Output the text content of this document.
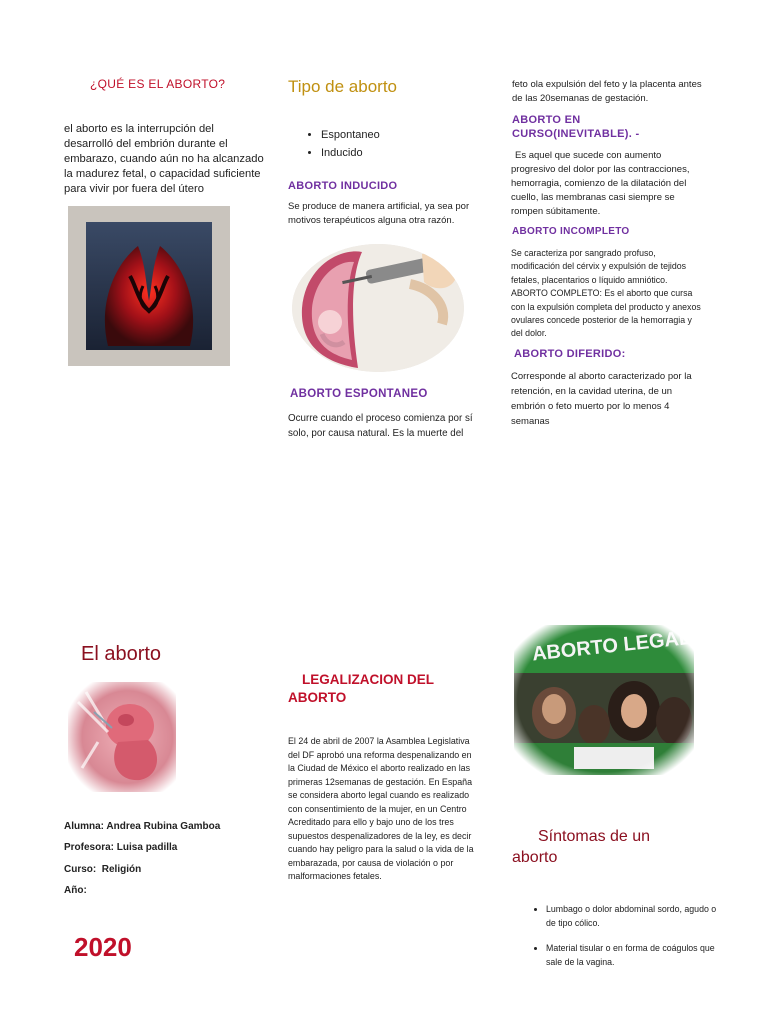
¿QUÉ ES EL ABORTO?
el aborto es la interrupción del desarrolló del embrión durante el embarazo, cuando aún no ha alcanzado la madurez fetal, o capacidad suficiente para vivir por fuera del útero
Tipo de aborto
• Espontaneo
• Inducido
ABORTO INDUCIDO
Se produce de manera artificial, ya sea por motivos terapéuticos alguna otra razón.
ABORTO ESPONTANEO
Ocurre cuando el proceso comienza por sí solo, por causa natural. Es la muerte del
feto ola expulsión del feto y la placenta antes de las 20semanas de gestación.
ABORTO EN CURSO(INEVITABLE). -
Es aquel que sucede con aumento progresivo del dolor por las contracciones, hemorragia, comienzo de la dilatación del cuello, las membranas casi siempre se rompen súbitamente.
ABORTO INCOMPLETO
Se caracteriza por sangrado profuso, modificación del cérvix y expulsión de tejidos fetales, placentarios o líquido amniótico. ABORTO COMPLETO: Es el aborto que cursa con la expulsión completa del producto y anexos ovulares concede posterior de la hemorragia y del dolor.
ABORTO DIFERIDO:
Corresponde al aborto caracterizado por la retención, en la cavidad uterina, de un embrión o feto muerto por lo menos 4 semanas
El aborto
Alumna: Andrea Rubina Gamboa
Profesora: Luisa padilla
Curso:  Religión
Año:
2020
LEGALIZACION DEL ABORTO
El 24 de abril de 2007 la Asamblea Legislativa del DF aprobó una reforma despenalizando en la Ciudad de México el aborto realizado en las primeras 12semanas de gestación. En España se considera aborto legal cuando es realizado con consentimiento de la mujer, en un Centro Acreditado para ello y bajo uno de los tres supuestos despenalizadores de la ley, es decir cuando hay peligro para la salud o la vida de la embarazada, por causa de violación o por malformaciones fetales.
Síntomas de un aborto
• Lumbago o dolor abdominal sordo, agudo o de tipo cólico.
• Material tisular o en forma de coágulos que sale de la vagina.
